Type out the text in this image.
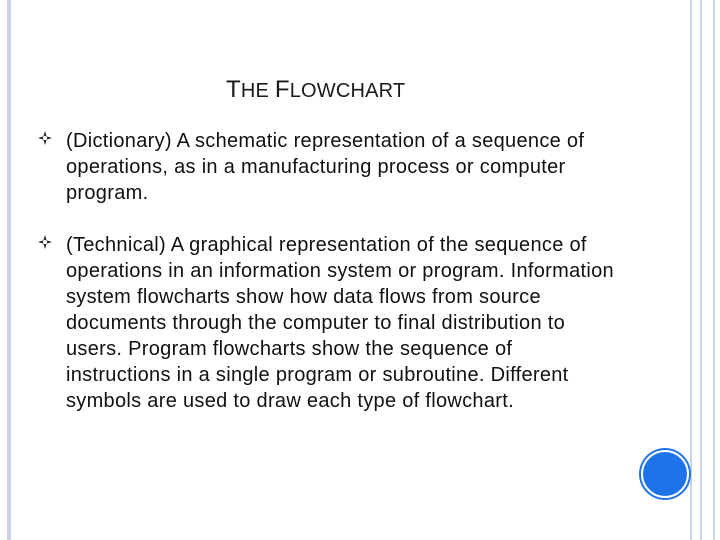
THE FLOWCHART
(Dictionary) A schematic representation of a sequence of operations, as in a manufacturing process or computer program.
(Technical) A graphical representation of the sequence of operations in an information system or program. Information system flowcharts show how data flows from source documents through the computer to final distribution to users. Program flowcharts show the sequence of instructions in a single program or subroutine. Different symbols are used to draw each type of flowchart.
